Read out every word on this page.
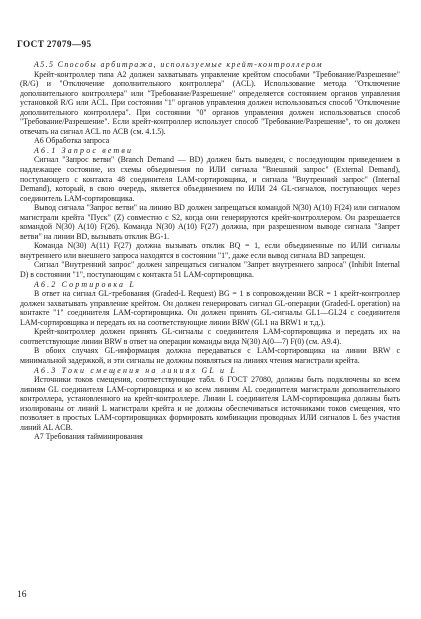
ГОСТ 27079—95

А5.5 Способы арбитража, используемые крейт-контроллером

Крейт-контроллер типа А2 должен захватывать управление крейтом способами "Требование/Разрешение" (R/G) и "Отключение дополнительного контроллера" (ACL). Использование метода "Отключение дополнительного контроллера" или "Требование/Разрешение" определяется состоянием органов управления установкой R/G или ACL. При состоянии "1" органов управления должен использоваться способ "Отключение дополнительного контроллера". При состоянии "0" органов управления должен использоваться способ "Требование/Разрешение". Если крейт-контроллер использует способ "Требование/Разрешение", то он должен отвечать на сигнал ACL по АСВ (см. 4.1.5).

А6 Обработка запроса

А6.1 Запрос ветви

Сигнал "Запрос ветви" (Branch Demand — BD) должен быть выведен, с последующим приведением в надлежащее состояние, из схемы объединения по ИЛИ сигнала "Внешний запрос" (External Demand), поступающего с контакта 48 соединителя LAM-сортировщика, и сигнала "Внутренний запрос" (Internal Demand), который, в свою очередь, является объединением по ИЛИ 24 GL-сигналов, поступающих через соединитель LAM-сортировщика.

Вывод сигнала "Запрос ветви" на линию BD должен запрещаться командой N(30) A(10) F(24) или сигналом магистрали крейта "Пуск" (Z) совместно с S2, когда они генерируются крейт-контроллером. Он разрешается командой N(30) A(10) F(26). Команда N(30) A(10) F(27) должна, при разрешенном выводе сигнала "Запрет ветви" на линии BD, вызывать отклик BG-1.

Команда N(30) A(11) F(27) должна вызывать отклик BQ = 1, если объединенные по ИЛИ сигналы внутреннего или внешнего запроса находятся в состоянии "1", даже если вывод сигнала BD запрещен.

Сигнал "Внутренний запрос" должен запрещаться сигналом "Запрет внутреннего запроса" (Inhibit Internal D) в состоянии "1", поступающим с контакта 51 LAM-сортировщика.

А6.2 Сортировка L

В ответ на сигнал GL-требования (Graded-L Request) BG = 1 в сопровождении BCR = 1 крейт-контроллер должен захватывать управление крейтом. Он должен генерировать сигнал GL-операции (Graded-L operation) на контакте "1" соединителя LAM-сортировщика. Он должен принять GL-сигналы GL1—GL24 с соединителя LAM-сортировщика и передать их на соответствующие линии BRW (GL1 на BRW1 и т.д.).

Крейт-контроллер должен принять GL-сигналы с соединителя LAM-сортировщика и передать их на соответствующие линии BRW в ответ на операции команды вида N(30) A(0—7) F(0) (см. А9.4).

В обоих случаях GL-информация должна передаваться с LAM-сортировщика на линии BRW с минимальной задержкой, и эти сигналы не должны появляться на линиях чтения магистрали крейта.

А6.3 Токи смещения на линиях GL и L

Источники токов смещения, соответствующие табл. 6 ГОСТ 27080, должны быть подключены ко всем линиям GL соединителя LAM-сортировщика и ко всем линиям AL соединителя магистрали дополнительного контроллера, установленного на крейт-контроллере. Линии L соединителя LAM-сортировщика должны быть изолированы от линий L магистрали крейта и не должны обеспечиваться источниками токов смещения, что позволяет в простых LAM-сортировщиках формировать комбинации проводных ИЛИ сигналов L без участия линий AL ACB.

А7 Требования тайминирования

16
